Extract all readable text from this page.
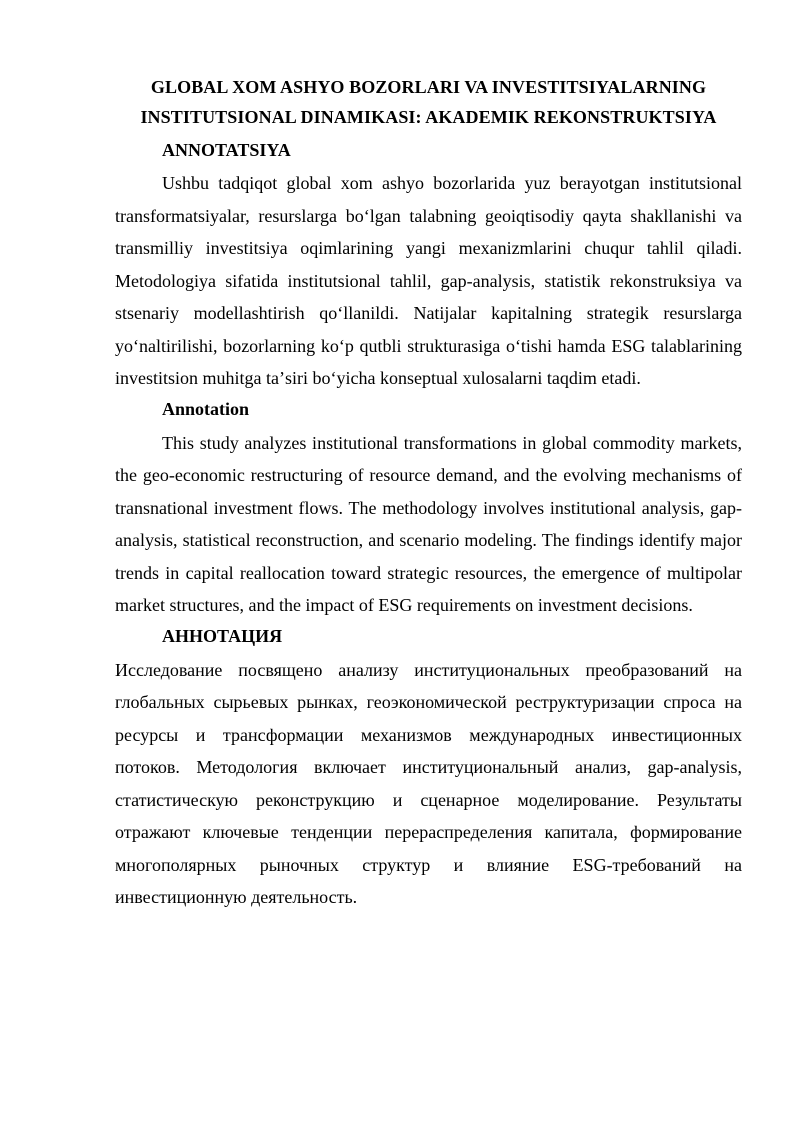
GLOBAL XOM ASHYO BOZORLARI VA INVESTITSIYALARNING
INSTITUTSIONAL DINAMIKASI: AKADEMIK REKONSTRUKTSIYA
ANNOTATSIYA

Ushbu tadqiqot global xom ashyo bozorlarida yuz berayotgan institutsional transformatsiyalar, resurslarga boʻlgan talabning geoiqtisodiy qayta shakllanishi va transmilliy investitsiya oqimlarining yangi mexanizmlarini chuqur tahlil qiladi. Metodologiya sifatida institutsional tahlil, gap-analysis, statistik rekonstruksiya va stsenariy modellashtirish qoʻllanildi. Natijalar kapitalning strategik resurslarga yoʻnaltirilishi, bozorlarning koʻp qutbli strukturasiga oʻtishi hamda ESG talablarining investitsion muhitga taʼsiri boʻyicha konseptual xulosalarni taqdim etadi.

Annotation

This study analyzes institutional transformations in global commodity markets, the geo-economic restructuring of resource demand, and the evolving mechanisms of transnational investment flows. The methodology involves institutional analysis, gap-analysis, statistical reconstruction, and scenario modeling. The findings identify major trends in capital reallocation toward strategic resources, the emergence of multipolar market structures, and the impact of ESG requirements on investment decisions.

АННОТАЦИЯ

Исследование посвящено анализу институциональных преобразований на глобальных сырьевых рынках, геоэкономической реструктуризации спроса на ресурсы и трансформации механизмов международных инвестиционных потоков. Методология включает институциональный анализ, gap-analysis, статистическую реконструкцию и сценарное моделирование. Результаты отражают ключевые тенденции перераспределения капитала, формирование многополярных рыночных структур и влияние ESG-требований на инвестиционную деятельность.
